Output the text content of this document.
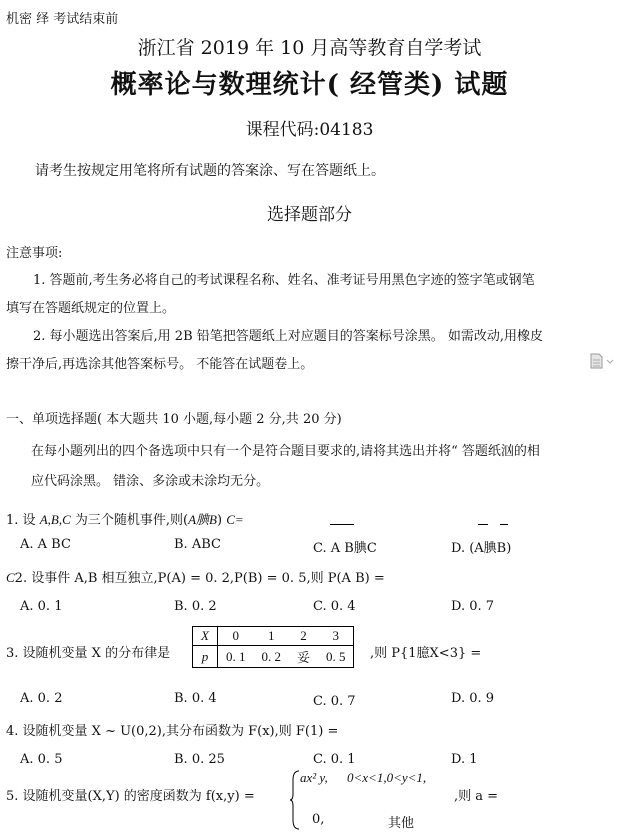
机密 绎 考试结束前
浙江省 2019 年 10 月高等教育自学考试
概率论与数理统计( 经管类) 试题
课程代码:04183
请考生按规定用笔将所有试题的答案涂、写在答题纸上。
选择题部分
注意事项:
1. 答题前,考生务必将自己的考试课程名称、姓名、准考证号用黑色字迹的签字笔或钢笔
填写在答题纸规定的位置上。
2. 每小题选出答案后,用 2B 铅笔把答题纸上对应题目的答案标号涂黑。 如需改动,用橡皮
擦干净后,再选涂其他答案标号。 不能答在试题卷上。
一、单项选择题( 本大题共 10 小题,每小题 2 分,共 20 分)
在每小题列出的四个备选项中只有一个是符合题目要求的,请将其选出并将“ 答题纸汹的相
应代码涂黑。 错涂、多涂或未涂均无分。
1. 设 A,B,C 为三个随机事件,则(A腆B) C=
A. A BC	B. ABC	C. A B腆C	D. (A腆B)
C2. 设事件 A,B 相互独立,P(A) = 0. 2,P(B) = 0. 5,则 P(A B) =
A. 0. 1	B. 0. 2	C. 0. 4	D. 0. 7
3. 设随机变量 X 的分布律是
X	0	1	2	3
p	0. 1	0. 2	妥	0. 5 ,则 P{1臆X<3} =
A. 0. 2	B. 0. 4	C. 0. 7	D. 0. 9
4. 设随机变量 X ~ U(0,2),其分布函数为 F(x),则 F(1) =
A. 0. 5	B. 0. 25	C. 0. 1	D. 1
5. 设随机变量(X,Y) 的密度函数为 f(x,y) =
ax² y, 0<x<1,0<y<1,
,则 a =
0,	其他
